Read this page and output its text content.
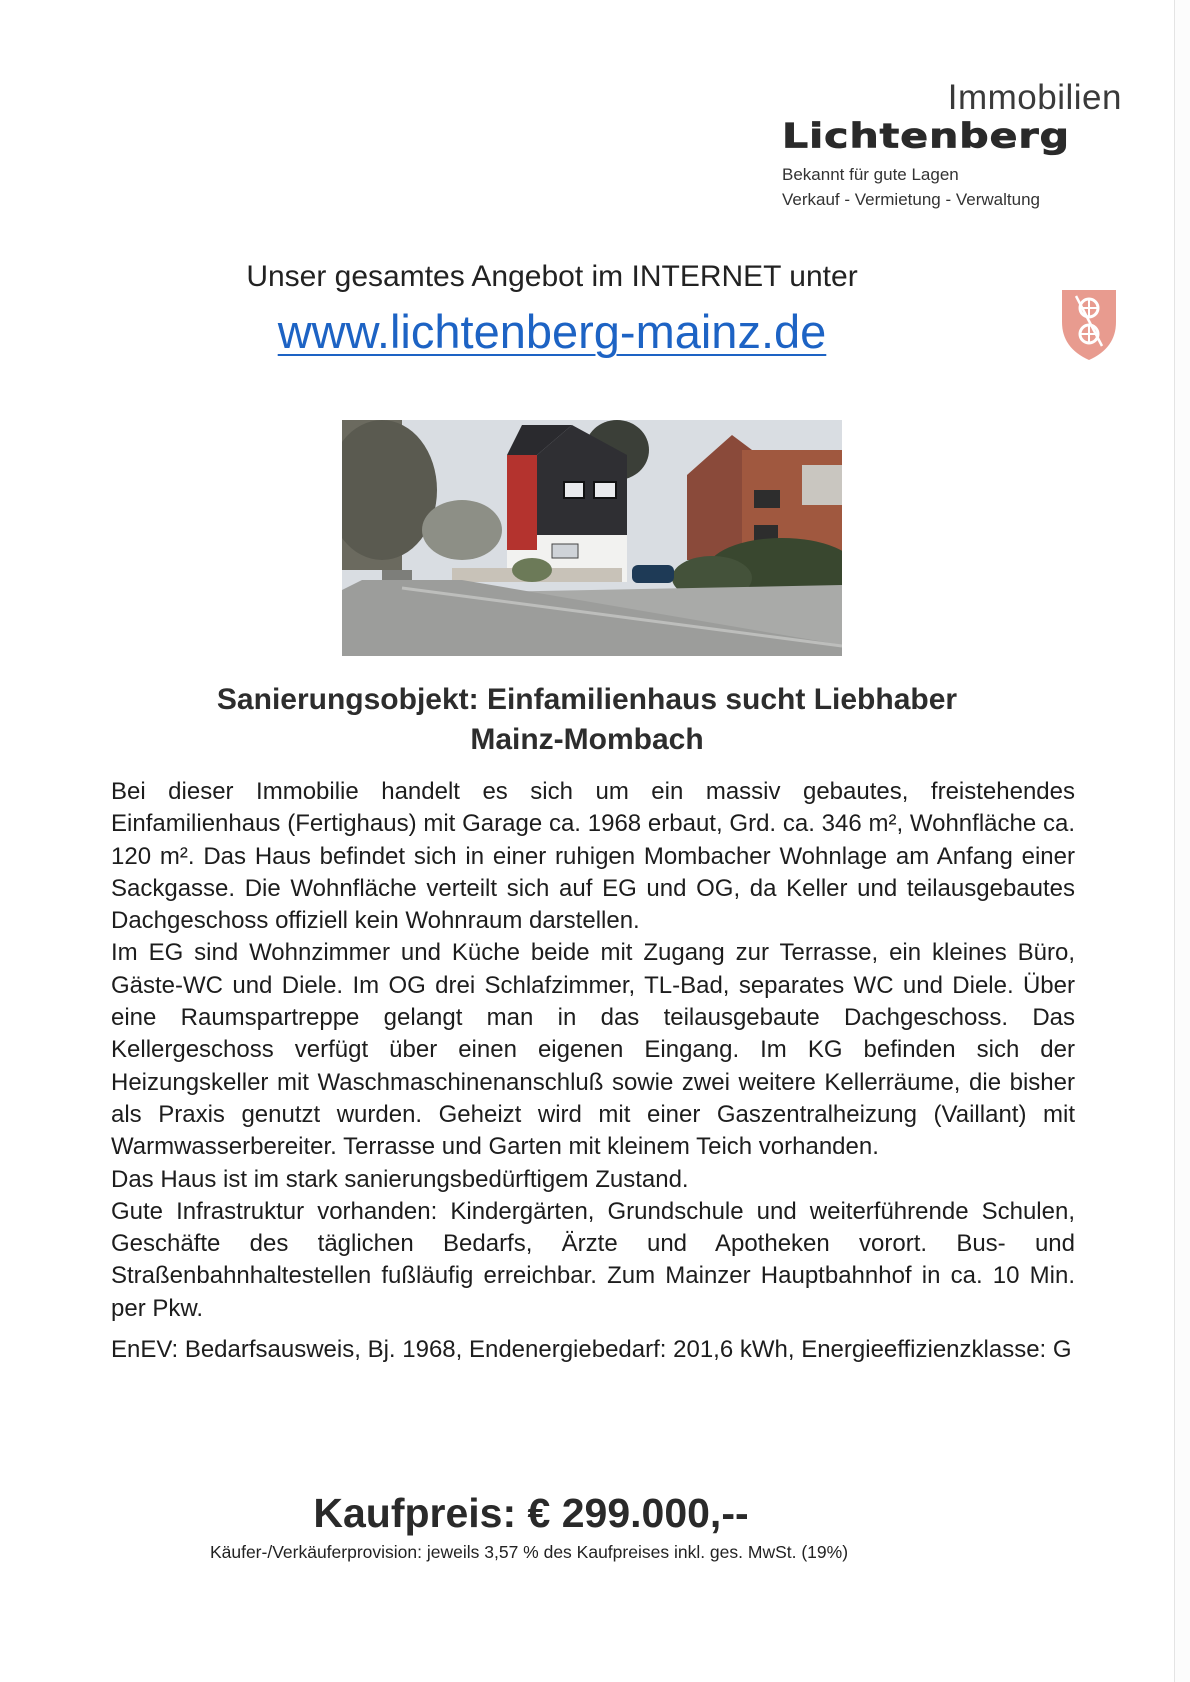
Immobilien
Lichtenberg
Bekannt für gute Lagen
Verkauf - Vermietung - Verwaltung
Unser gesamtes Angebot im INTERNET unter
www.lichtenberg-mainz.de
Sanierungsobjekt: Einfamilienhaus sucht Liebhaber
Mainz-Mombach

Bei dieser Immobilie handelt es sich um ein massiv gebautes, freistehendes Einfamilienhaus (Fertighaus) mit Garage ca. 1968 erbaut, Grd. ca. 346 m², Wohnfläche ca. 120 m². Das Haus befindet sich in einer ruhigen Mombacher Wohnlage am Anfang einer Sackgasse. Die Wohnfläche verteilt sich auf EG und OG, da Keller und teilausgebautes Dachgeschoss offiziell kein Wohnraum darstellen.

Im EG sind Wohnzimmer und Küche beide mit Zugang zur Terrasse, ein kleines Büro, Gäste-WC und Diele. Im OG drei Schlafzimmer, TL-Bad, separates WC und Diele. Über eine Raumspartreppe gelangt man in das teilausgebaute Dachgeschoss. Das Kellergeschoss verfügt über einen eigenen Eingang. Im KG befinden sich der Heizungskeller mit Waschmaschinenanschluß sowie zwei weitere Kellerräume, die bisher als Praxis genutzt wurden. Geheizt wird mit einer Gaszentralheizung (Vaillant) mit Warmwasserbereiter. Terrasse und Garten mit kleinem Teich vorhanden.

Das Haus ist im stark sanierungsbedürftigem Zustand.

Gute Infrastruktur vorhanden: Kindergärten, Grundschule und weiterführende Schulen, Geschäfte des täglichen Bedarfs, Ärzte und Apotheken vorort. Bus- und Straßenbahnhaltestellen fußläufig erreichbar. Zum Mainzer Hauptbahnhof in ca. 10 Min. per Pkw.

EnEV: Bedarfsausweis, Bj. 1968, Endenergiebedarf: 201,6 kWh, Energieeffizienzklasse: G

Kaufpreis: € 299.000,--
Käufer-/Verkäuferprovision: jeweils 3,57 % des Kaufpreises inkl. ges. MwSt. (19%)
